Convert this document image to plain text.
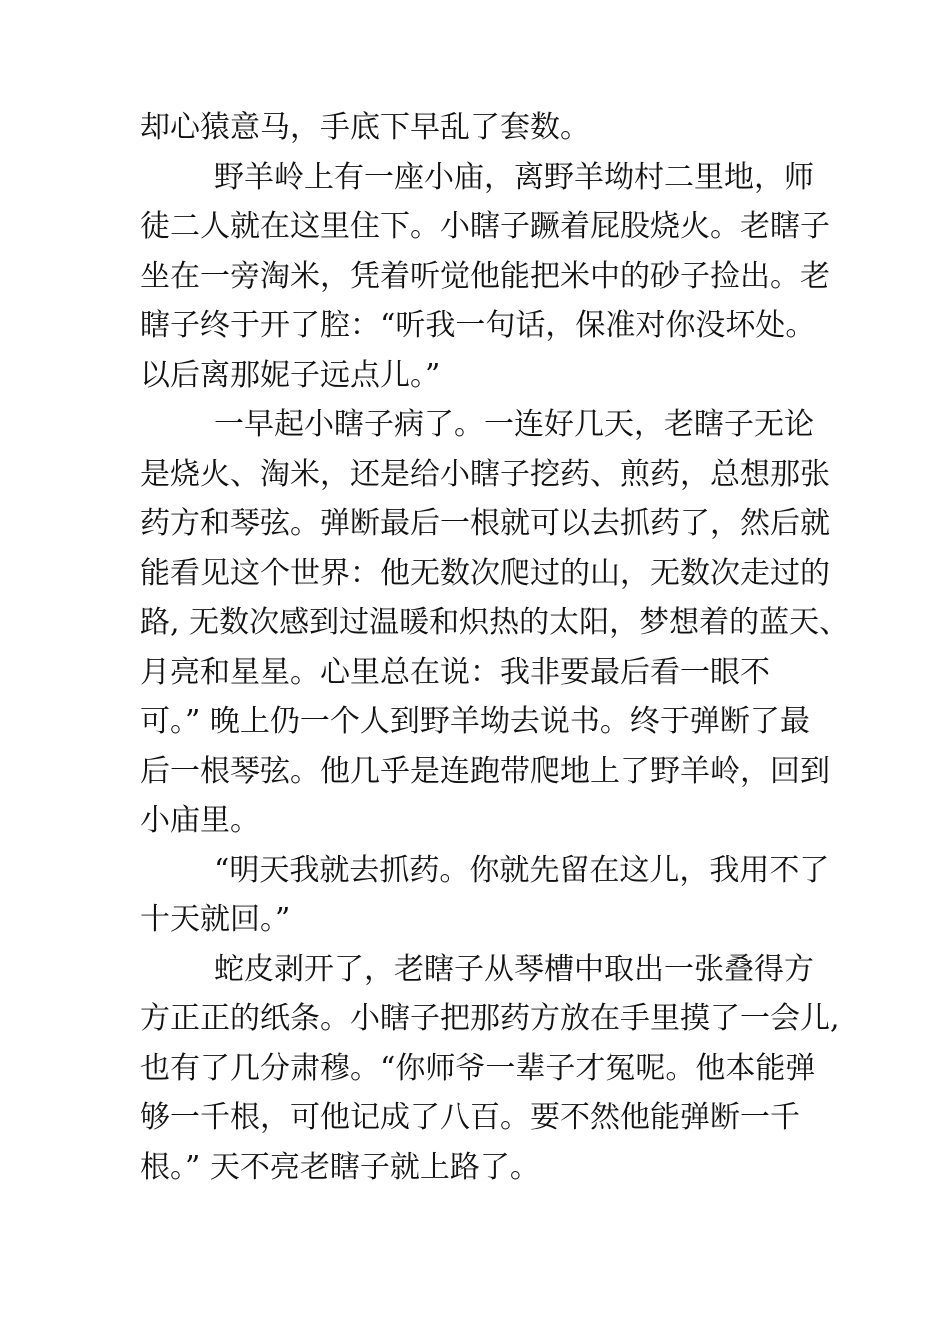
却心猿意马，手底下早乱了套数。
野羊岭上有一座小庙，离野羊坳村二里地，师
徒二人就在这里住下。小瞎子蹶着屁股烧火。老瞎子
坐在一旁淘米，凭着听觉他能把米中的砂子捡出。老
瞎子终于开了腔：“听我一句话，保准对你没坏处。
以后离那妮子远点儿。”
一早起小瞎子病了。一连好几天，老瞎子无论
是烧火、淘米，还是给小瞎子挖药、煎药，总想那张
药方和琴弦。弹断最后一根就可以去抓药了，然后就
能看见这个世界：他无数次爬过的山，无数次走过的
路, 无数次感到过温暖和炽热的太阳，梦想着的蓝天、
月亮和星星。心里总在说：我非要最后看一眼不
可。” 晚上仍一个人到野羊坳去说书。终于弹断了最
后一根琴弦。他几乎是连跑带爬地上了野羊岭，回到
小庙里。
“明天我就去抓药。你就先留在这儿，我用不了
十天就回。”
蛇皮剥开了，老瞎子从琴槽中取出一张叠得方
方正正的纸条。小瞎子把那药方放在手里摸了一会儿,
也有了几分肃穆。“你师爷一辈子才冤呢。他本能弹
够一千根，可他记成了八百。要不然他能弹断一千
根。” 天不亮老瞎子就上路了。
